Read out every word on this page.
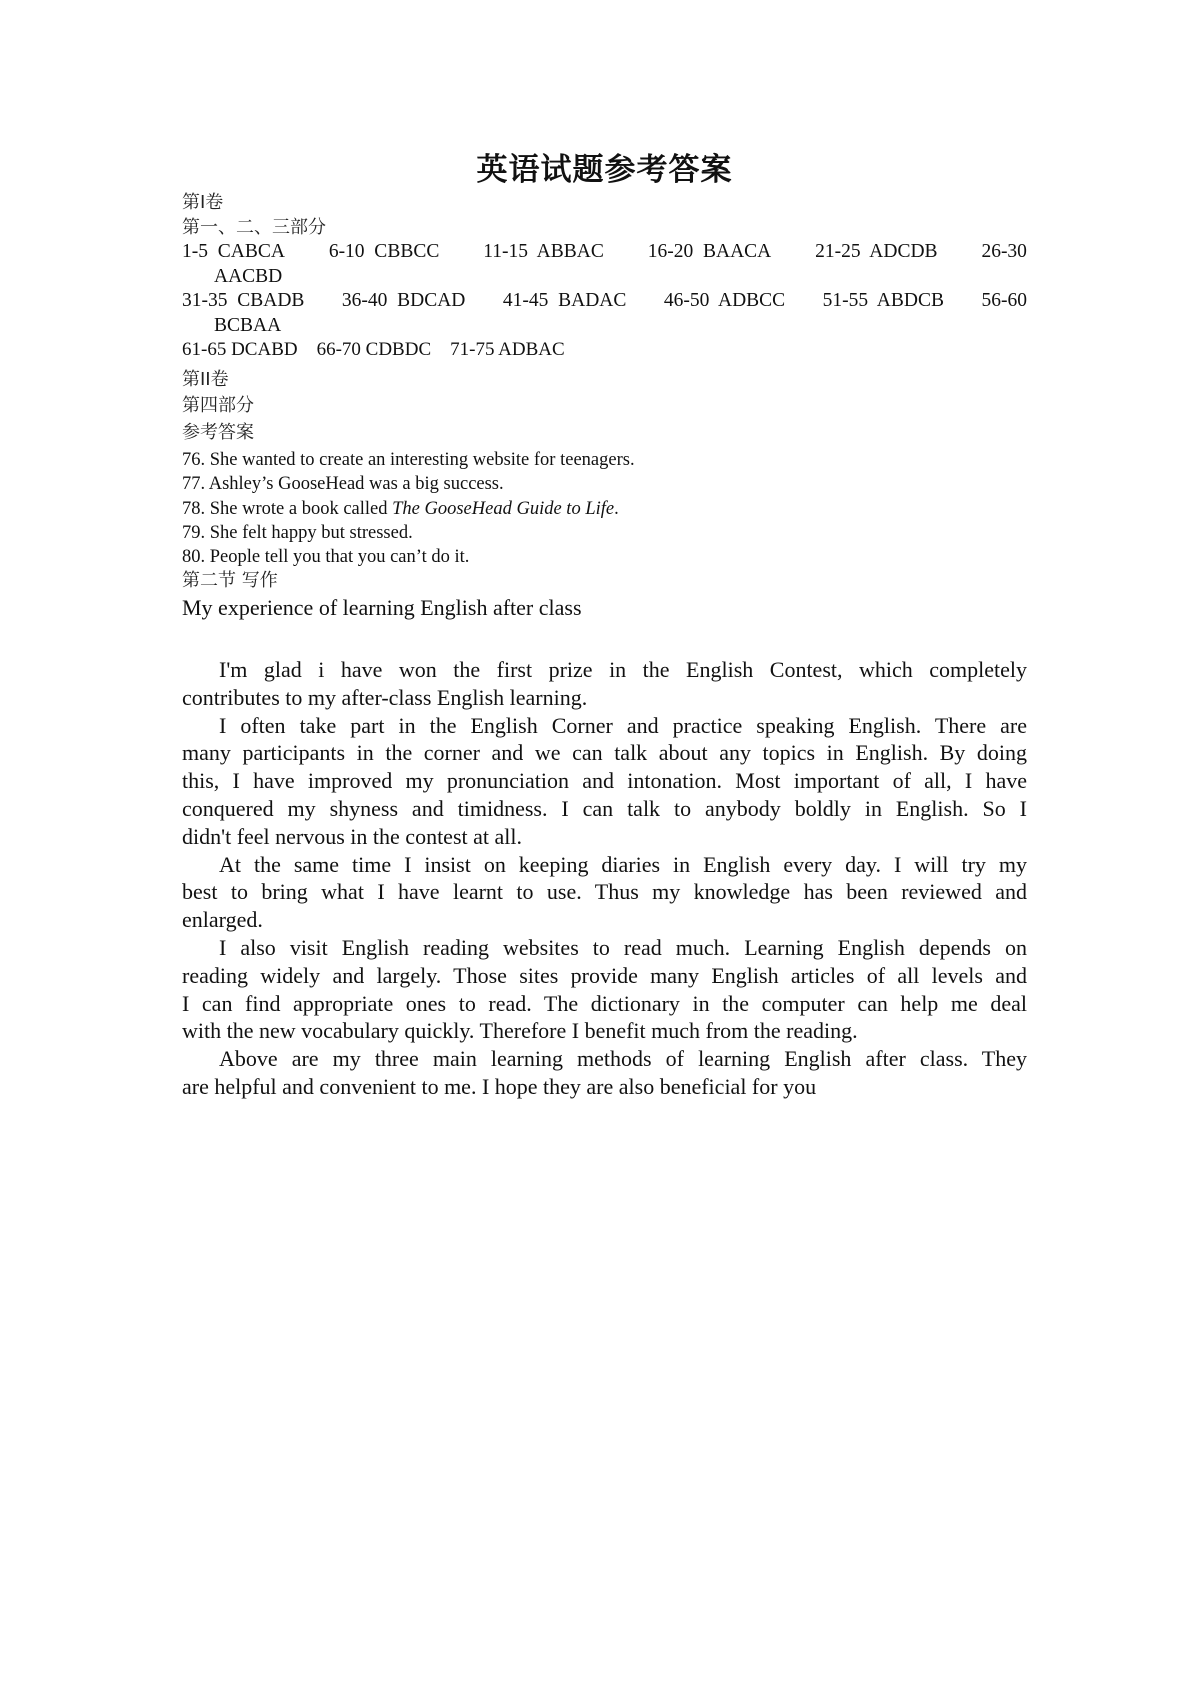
英语试题参考答案
第I卷
第一、二、三部分
1-5  CABCA 6-10  CBBCC 11-15  ABBAC 16-20  BAACA 21-25  ADCDB 26-30
AACBD
31-35  CBADB 36-40  BDCAD 41-45  BADAC 46-50  ADBCC 51-55  ABDCB 56-60
BCBAA
61-65 DCABD    66-70 CDBDC    71-75 ADBAC
第II卷
第四部分
参考答案
76. She wanted to create an interesting website for teenagers.
77. Ashley’s GooseHead was a big success.
78. She wrote a book called The GooseHead Guide to Life.
79. She felt happy but stressed.
80. People tell you that you can’t do it.
第二节 写作
My experience of learning English after class
I'm glad i have won the first prize in the English Contest, which completely
contributes to my after-class English learning.
I often take part in the English Corner and practice speaking English. There are
many participants in the corner and we can talk about any topics in English. By doing
this, I have improved my pronunciation and intonation. Most important of all, I have
conquered my shyness and timidness. I can talk to anybody boldly in English. So I
didn't feel nervous in the contest at all.
At the same time I insist on keeping diaries in English every day. I will try my
best to bring what I have learnt to use. Thus my knowledge has been reviewed and
enlarged.
I also visit English reading websites to read much. Learning English depends on
reading widely and largely. Those sites provide many English articles of all levels and
I can find appropriate ones to read. The dictionary in the computer can help me deal
with the new vocabulary quickly. Therefore I benefit much from the reading.
Above are my three main learning methods of learning English after class. They
are helpful and convenient to me. I hope they are also beneficial for you
